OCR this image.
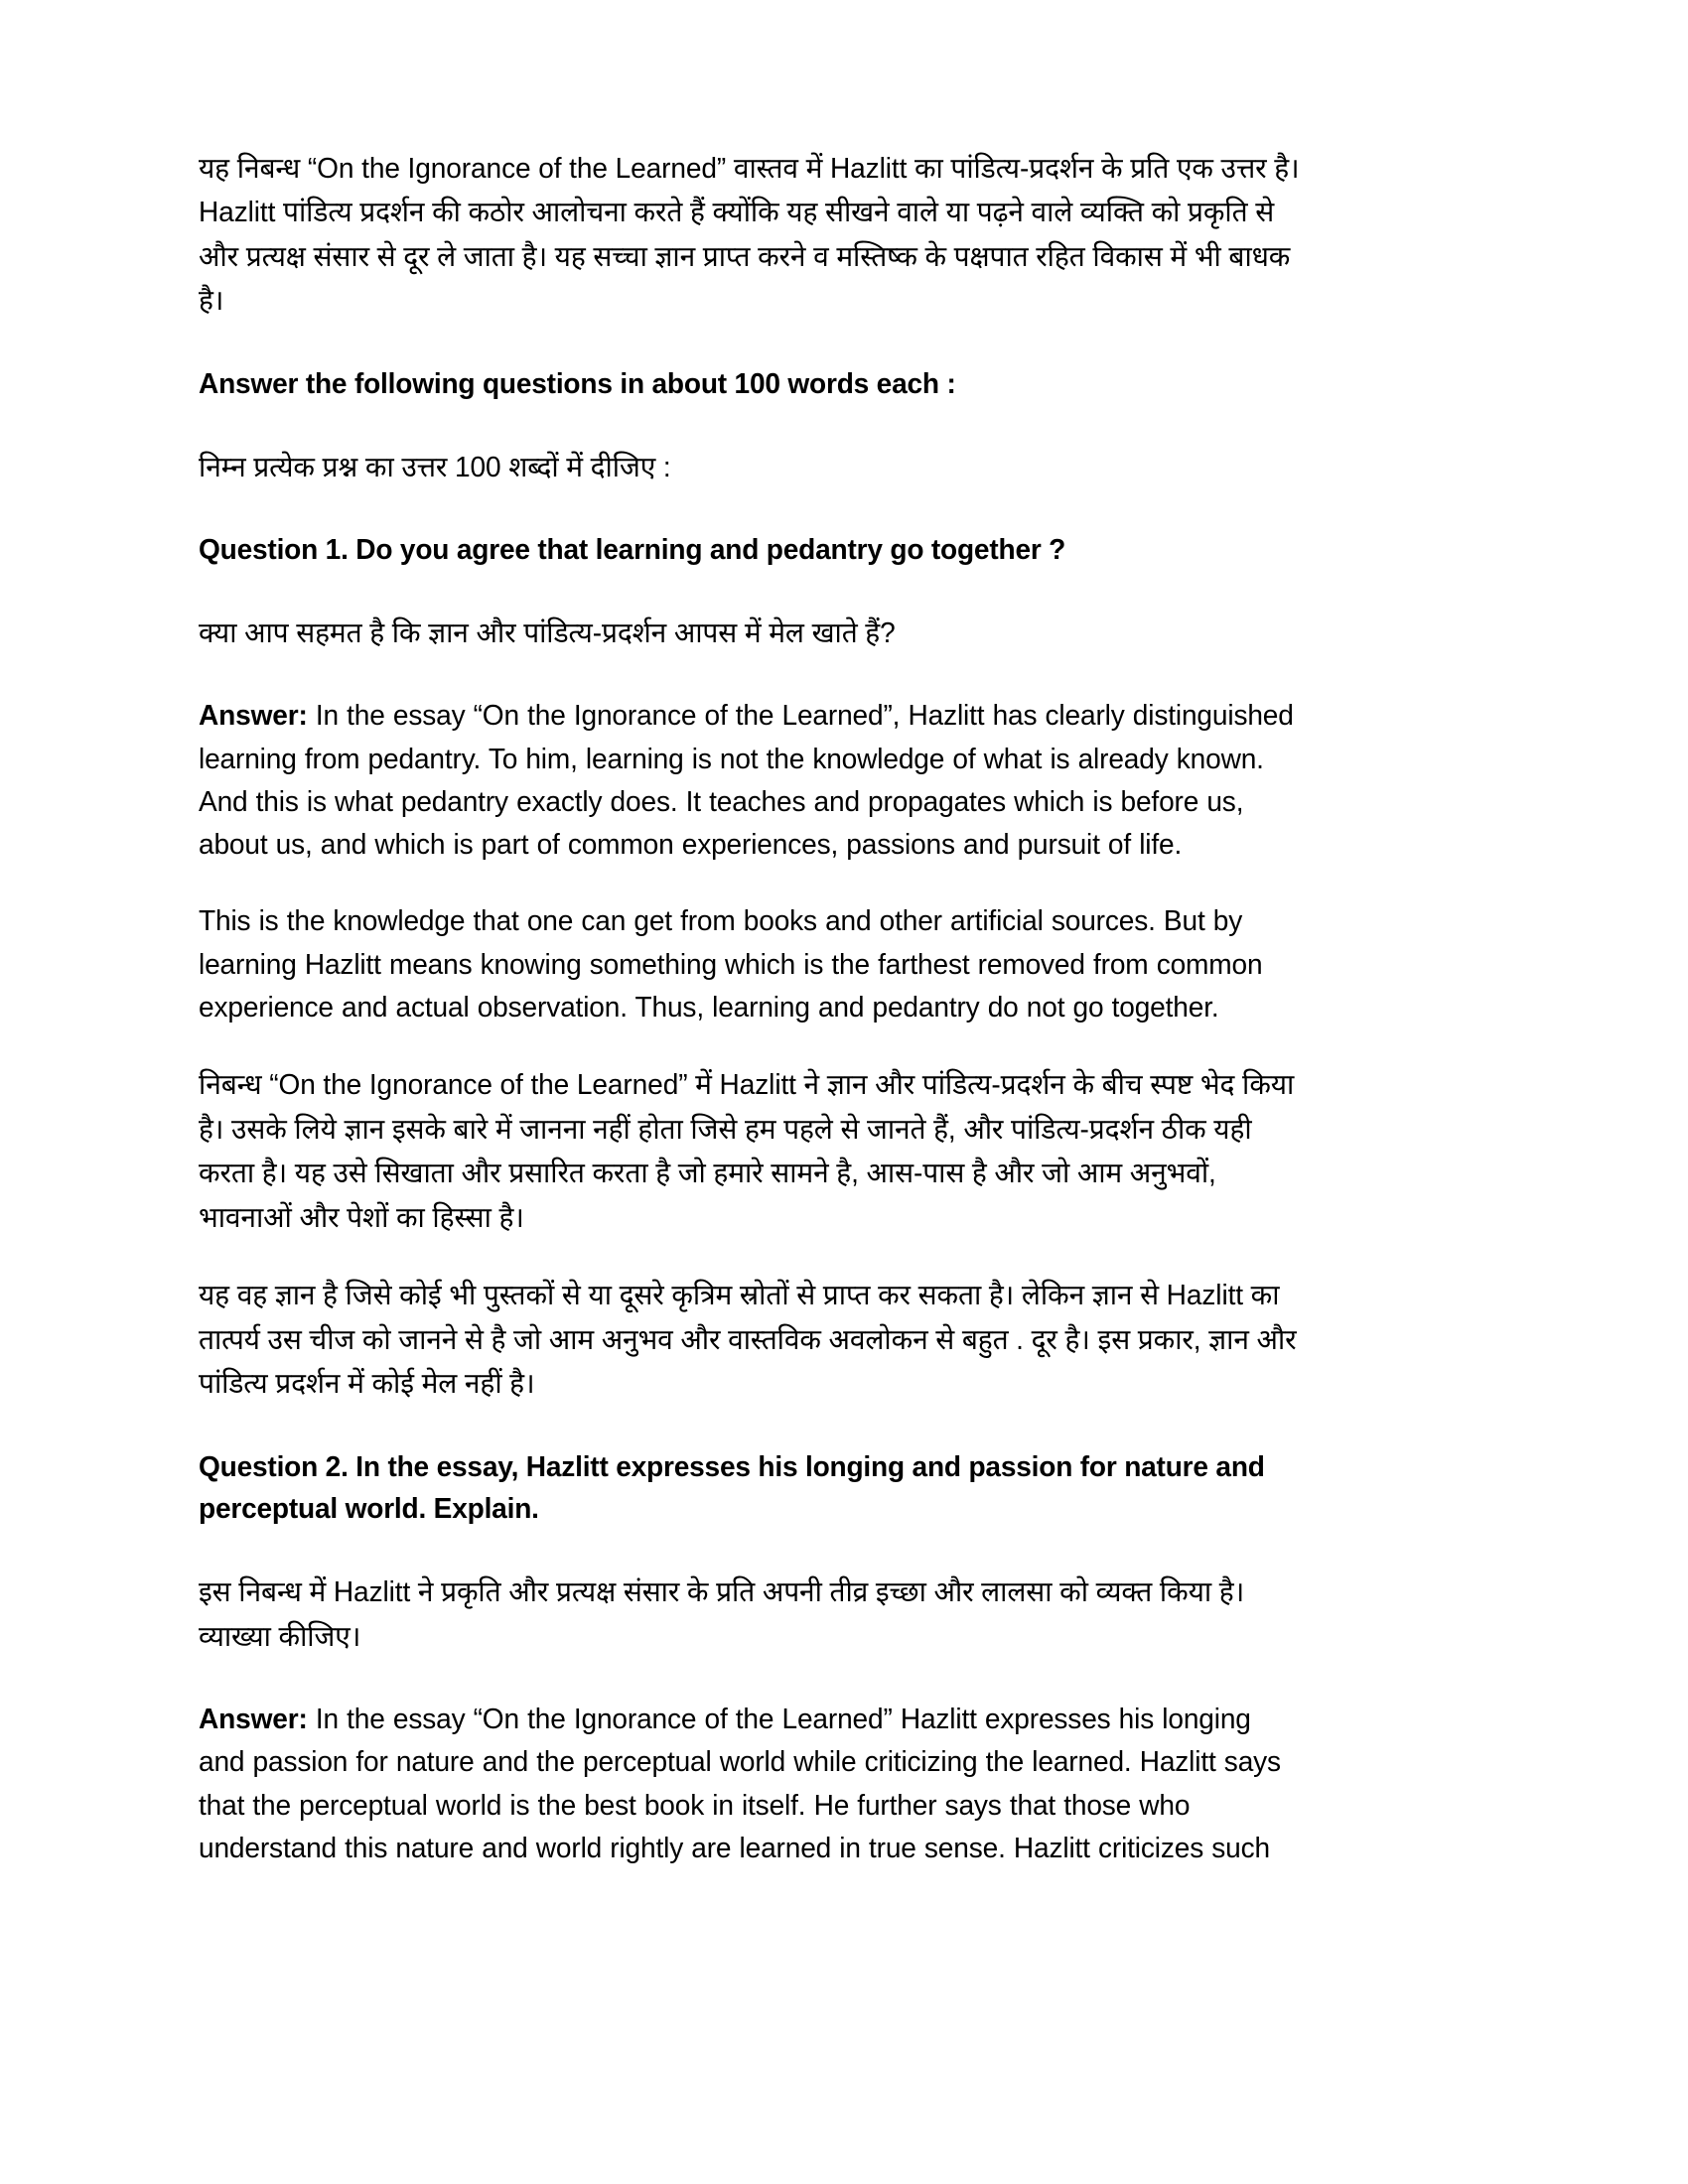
यह निबन्ध “On the Ignorance of the Learned” वास्तव में Hazlitt का पांडित्य-प्रदर्शन के प्रति एक उत्तर है। Hazlitt पांडित्य प्रदर्शन की कठोर आलोचना करते हैं क्योंकि यह सीखने वाले या पढ़ने वाले व्यक्ति को प्रकृति से और प्रत्यक्ष संसार से दूर ले जाता है। यह सच्चा ज्ञान प्राप्त करने व मस्तिष्क के पक्षपात रहित विकास में भी बाधक है।

Answer the following questions in about 100 words each :

निम्न प्रत्येक प्रश्न का उत्तर 100 शब्दों में दीजिए :

Question 1. Do you agree that learning and pedantry go together ?

क्या आप सहमत है कि ज्ञान और पांडित्य-प्रदर्शन आपस में मेल खाते हैं?

Answer: In the essay “On the Ignorance of the Learned”, Hazlitt has clearly distinguished learning from pedantry. To him, learning is not the knowledge of what is already known. And this is what pedantry exactly does. It teaches and propagates which is before us, about us, and which is part of common experiences, passions and pursuit of life.

This is the knowledge that one can get from books and other artificial sources. But by learning Hazlitt means knowing something which is the farthest removed from common experience and actual observation. Thus, learning and pedantry do not go together.

निबन्ध “On the Ignorance of the Learned” में Hazlitt ने ज्ञान और पांडित्य-प्रदर्शन के बीच स्पष्ट भेद किया है। उसके लिये ज्ञान इसके बारे में जानना नहीं होता जिसे हम पहले से जानते हैं, और पांडित्य-प्रदर्शन ठीक यही करता है। यह उसे सिखाता और प्रसारित करता है जो हमारे सामने है, आस-पास है और जो आम अनुभवों, भावनाओं और पेशों का हिस्सा है।

यह वह ज्ञान है जिसे कोई भी पुस्तकों से या दूसरे कृत्रिम स्रोतों से प्राप्त कर सकता है। लेकिन ज्ञान से Hazlitt का तात्पर्य उस चीज को जानने से है जो आम अनुभव और वास्तविक अवलोकन से बहुत . दूर है। इस प्रकार, ज्ञान और पांडित्य प्रदर्शन में कोई मेल नहीं है।

Question 2. In the essay, Hazlitt expresses his longing and passion for nature and perceptual world. Explain.

इस निबन्ध में Hazlitt ने प्रकृति और प्रत्यक्ष संसार के प्रति अपनी तीव्र इच्छा और लालसा को व्यक्त किया है। व्याख्या कीजिए।

Answer: In the essay “On the Ignorance of the Learned” Hazlitt expresses his longing and passion for nature and the perceptual world while criticizing the learned. Hazlitt says that the perceptual world is the best book in itself. He further says that those who understand this nature and world rightly are learned in true sense. Hazlitt criticizes such
